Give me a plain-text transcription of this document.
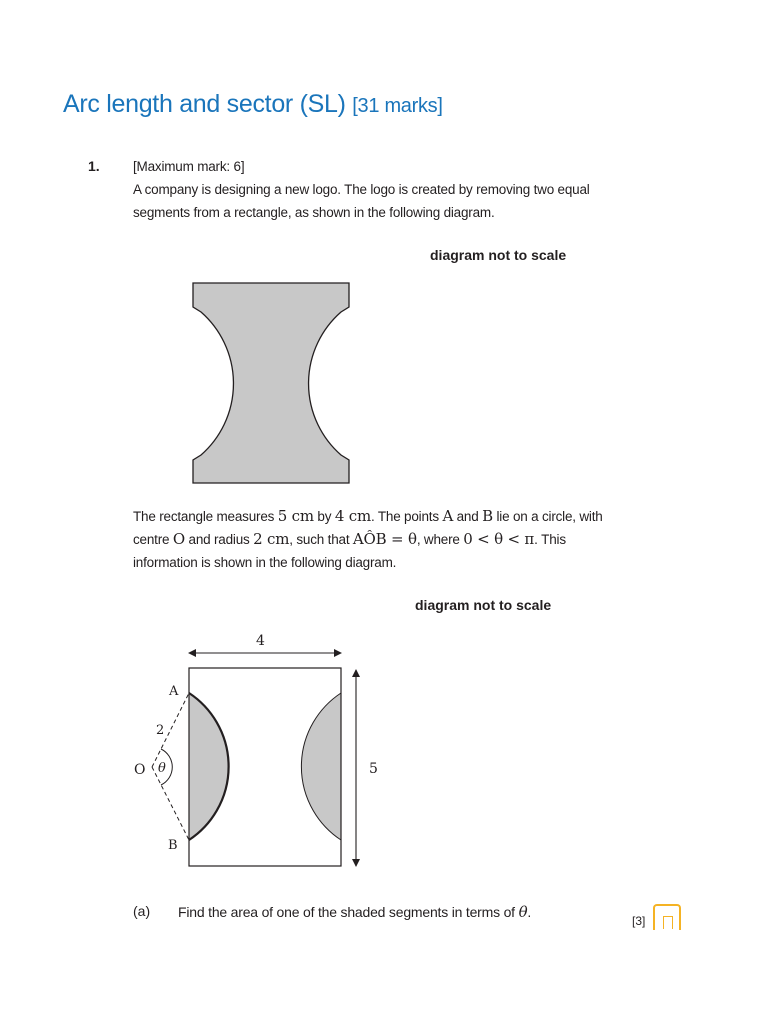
Arc length and sector (SL) [31 marks]
1. [Maximum mark: 6]
A company is designing a new logo. The logo is created by removing two equal
segments from a rectangle, as shown in the following diagram.
diagram not to scale
The rectangle measures 5 cm by 4 cm. The points A and B lie on a circle, with
centre O and radius 2 cm, such that AÔB = θ, where 0 < θ < π. This
information is shown in the following diagram.
diagram not to scale
4
5
θ
A
B
O
2
(a) Find the area of one of the shaded segments in terms of θ.
[3]
